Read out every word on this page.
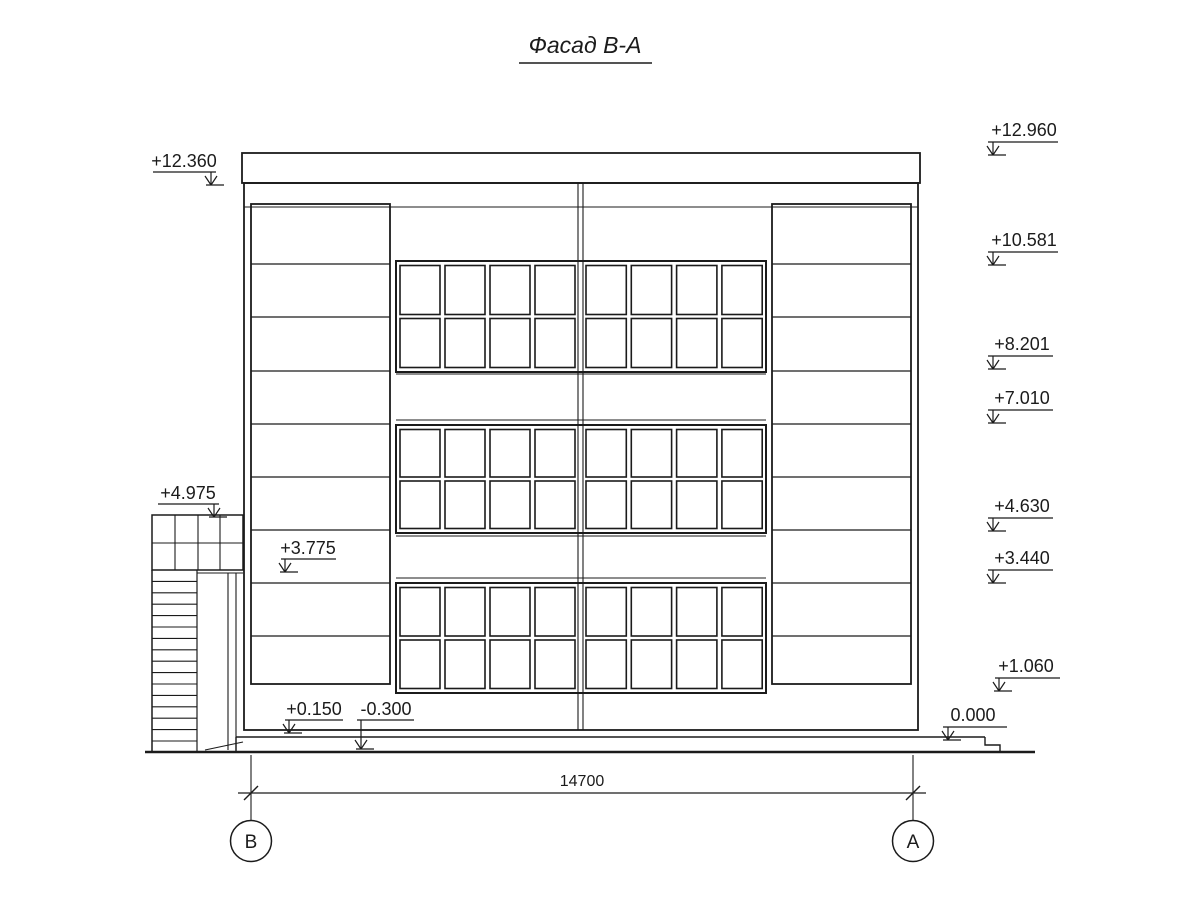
Фасад В-А
+12.360
+4.975
+3.775
+0.150 -0.300
+12.960
+10.581
+8.201
+7.010
+4.630
+3.440
+1.060
0.000
14700
В	А
